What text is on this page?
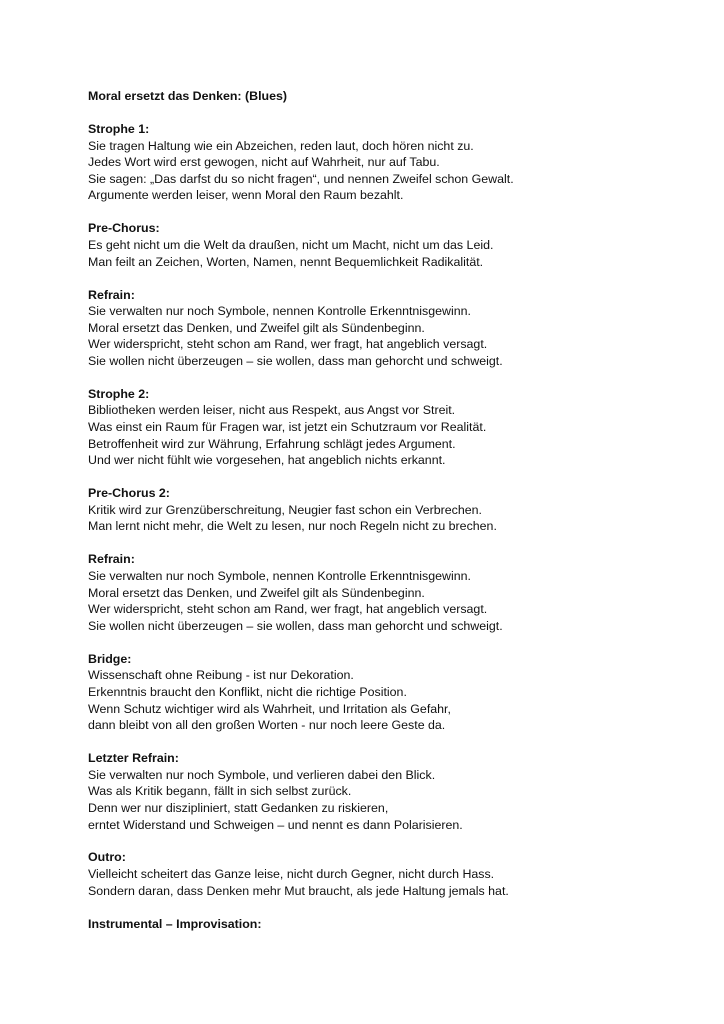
Moral ersetzt das Denken: (Blues)
Strophe 1:
Sie tragen Haltung wie ein Abzeichen, reden laut, doch hören nicht zu.
Jedes Wort wird erst gewogen, nicht auf Wahrheit, nur auf Tabu.
Sie sagen: „Das darfst du so nicht fragen“, und nennen Zweifel schon Gewalt.
Argumente werden leiser, wenn Moral den Raum bezahlt.
Pre-Chorus:
Es geht nicht um die Welt da draußen, nicht um Macht, nicht um das Leid.
Man feilt an Zeichen, Worten, Namen, nennt Bequemlichkeit Radikalität.
Refrain:
Sie verwalten nur noch Symbole, nennen Kontrolle Erkenntnisgewinn.
Moral ersetzt das Denken, und Zweifel gilt als Sündenbeginn.
Wer widerspricht, steht schon am Rand, wer fragt, hat angeblich versagt.
Sie wollen nicht überzeugen – sie wollen, dass man gehorcht und schweigt.
Strophe 2:
Bibliotheken werden leiser, nicht aus Respekt, aus Angst vor Streit.
Was einst ein Raum für Fragen war, ist jetzt ein Schutzraum vor Realität.
Betroffenheit wird zur Währung, Erfahrung schlägt jedes Argument.
Und wer nicht fühlt wie vorgesehen, hat angeblich nichts erkannt.
Pre-Chorus 2:
Kritik wird zur Grenzüberschreitung, Neugier fast schon ein Verbrechen.
Man lernt nicht mehr, die Welt zu lesen, nur noch Regeln nicht zu brechen.
Refrain:
Sie verwalten nur noch Symbole, nennen Kontrolle Erkenntnisgewinn.
Moral ersetzt das Denken, und Zweifel gilt als Sündenbeginn.
Wer widerspricht, steht schon am Rand, wer fragt, hat angeblich versagt.
Sie wollen nicht überzeugen – sie wollen, dass man gehorcht und schweigt.
Bridge:
Wissenschaft ohne Reibung - ist nur Dekoration.
Erkenntnis braucht den Konflikt, nicht die richtige Position.
Wenn Schutz wichtiger wird als Wahrheit, und Irritation als Gefahr,
dann bleibt von all den großen Worten - nur noch leere Geste da.
Letzter Refrain:
Sie verwalten nur noch Symbole, und verlieren dabei den Blick.
Was als Kritik begann, fällt in sich selbst zurück.
Denn wer nur diszipliniert, statt Gedanken zu riskieren,
erntet Widerstand und Schweigen – und nennt es dann Polarisieren.
Outro:
Vielleicht scheitert das Ganze leise, nicht durch Gegner, nicht durch Hass.
Sondern daran, dass Denken mehr Mut braucht, als jede Haltung jemals hat.
Instrumental – Improvisation:
